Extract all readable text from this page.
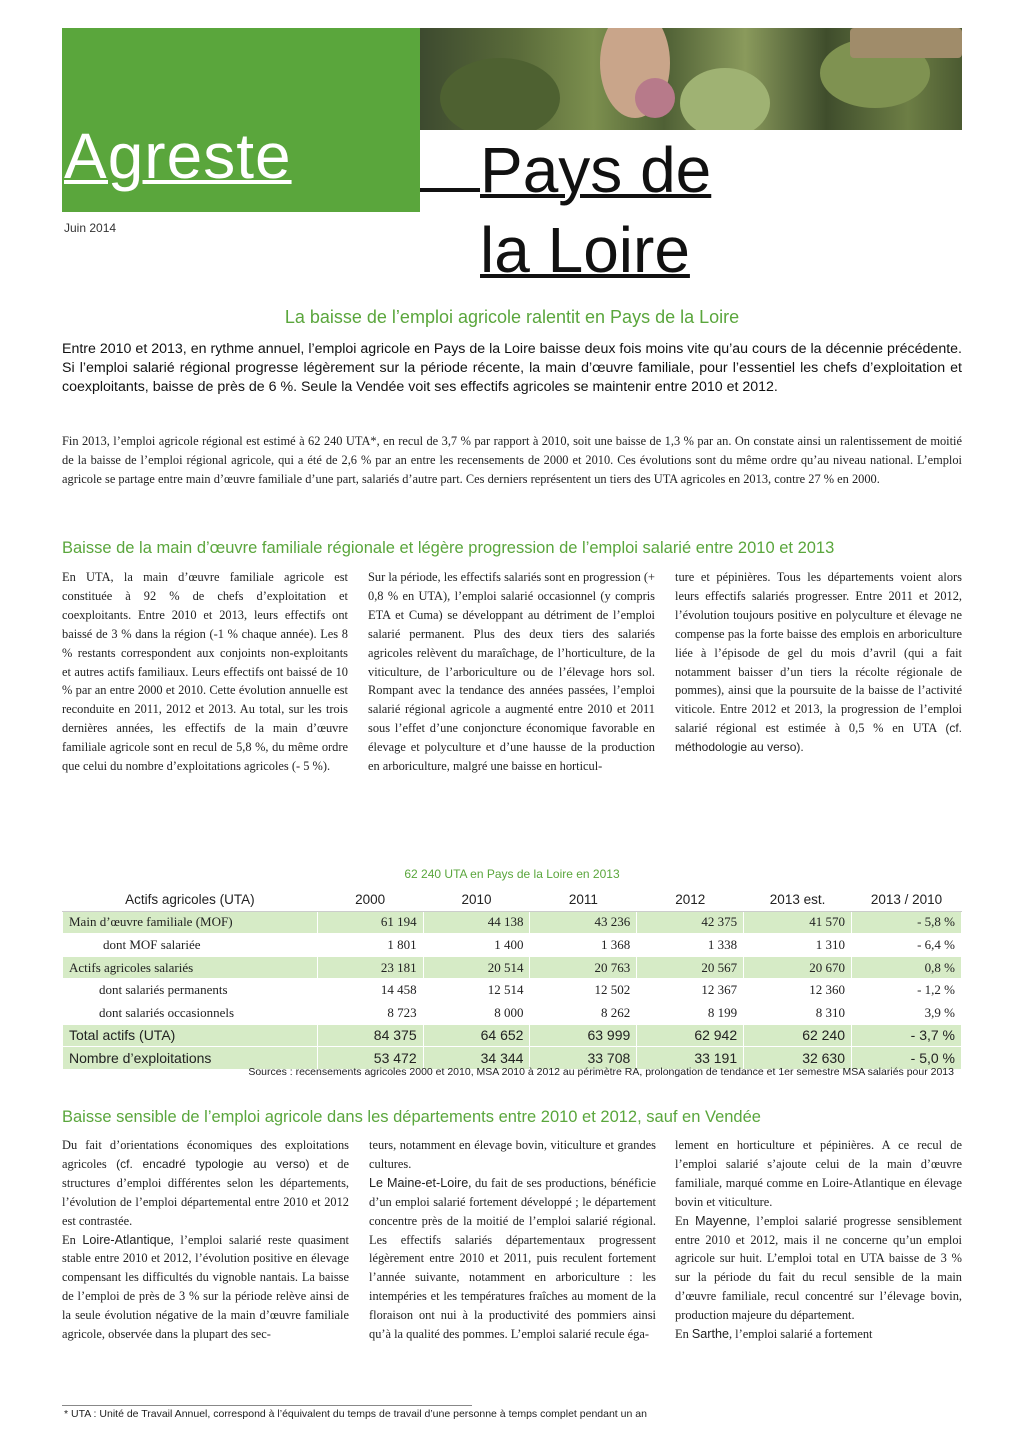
Agreste	Pays de
la Loire
Juin 2014
La baisse de l’emploi agricole ralentit en Pays de la Loire
Entre 2010 et 2013, en rythme annuel, l’emploi agricole en Pays de la Loire baisse deux fois moins vite qu’au cours de la décennie précédente. Si l’emploi salarié régional progresse légèrement sur la période récente, la main d’œuvre familiale, pour l’essentiel les chefs d’exploitation et coexploitants, baisse de près de 6 %. Seule la Vendée voit ses effectifs agricoles se maintenir entre 2010 et 2012.
Fin 2013, l’emploi agricole régional est estimé à 62 240 UTA*, en recul de 3,7 % par rapport à 2010, soit une baisse de 1,3 % par an. On constate ainsi un ralentissement de moitié de la baisse de l’emploi régional agricole, qui a été de 2,6 % par an entre les recensements de 2000 et 2010. Ces évolutions sont du même ordre qu’au niveau national. L’emploi agricole se partage entre main d’œuvre familiale d’une part, salariés d’autre part. Ces derniers représentent un tiers des UTA agricoles en 2013, contre 27 % en 2000.
Baisse de la main d’œuvre familiale régionale et légère progression de l’emploi salarié entre 2010 et 2013
En UTA, la main d’œuvre familiale agricole est constituée à 92 % de chefs d’exploitation et coexploitants. Entre 2010 et 2013, leurs effectifs ont baissé de 3 % dans la région (-1 % chaque année). Les 8 % restants correspondent aux conjoints non-exploitants et autres actifs familiaux. Leurs effectifs ont baissé de 10 % par an entre 2000 et 2010. Cette évolution annuelle est reconduite en 2011, 2012 et 2013. Au total, sur les trois dernières années, les effectifs de la main d’œuvre familiale agricole sont en recul de 5,8 %, du même ordre que celui du nombre d’exploitations agricoles (- 5 %).
Sur la période, les effectifs salariés sont en progression (+ 0,8 % en UTA), l’emploi salarié occasionnel (y compris ETA et Cuma) se développant au détriment de l’emploi salarié permanent. Plus des deux tiers des salariés agricoles relèvent du maraîchage, de l’horticulture, de la viticulture, de l’arboriculture ou de l’élevage hors sol. Rompant avec la tendance des années passées, l’emploi salarié régional agricole a augmenté entre 2010 et 2011 sous l’effet d’une conjoncture économique favorable en élevage et polyculture et d’une hausse de la production en arboriculture, malgré une baisse en horticul-
ture et pépinières. Tous les départements voient alors leurs effectifs salariés progresser. Entre 2011 et 2012, l’évolution toujours positive en polyculture et élevage ne compense pas la forte baisse des emplois en arboriculture liée à l’épisode de gel du mois d’avril (qui a fait notamment baisser d’un tiers la récolte régionale de pommes), ainsi que la poursuite de la baisse de l’activité viticole. Entre 2012 et 2013, la progression de l’emploi salarié régional est estimée à 0,5 % en UTA (cf. méthodologie au verso).
62 240 UTA en Pays de la Loire en 2013
Actifs agricoles (UTA)	2000	2010	2011	2012	2013 est.	2013 / 2010
Main d’œuvre familiale (MOF)	61 194	44 138	43 236	42 375	41 570	- 5,8 %
dont MOF salariée	1 801	1 400	1 368	1 338	1 310	- 6,4 %
Actifs agricoles salariés	23 181	20 514	20 763	20 567	20 670	0,8 %
dont salariés permanents	14 458	12 514	12 502	12 367	12 360	- 1,2 %
dont salariés occasionnels	8 723	8 000	8 262	8 199	8 310	3,9 %
Total actifs (UTA)	84 375	64 652	63 999	62 942	62 240	- 3,7 %
Nombre d’exploitations	53 472	34 344	33 708	33 191	32 630	- 5,0 %
Sources : recensements agricoles 2000 et 2010, MSA 2010 à 2012 au périmètre RA, prolongation de tendance et 1er semestre MSA salariés pour 2013
Baisse sensible de l’emploi agricole dans les départements entre 2010 et 2012, sauf en Vendée

Du fait d’orientations économiques des exploitations agricoles (cf. encadré typologie au verso) et de structures d’emploi différentes selon les départements, l’évolution de l’emploi départemental entre 2010 et 2012 est contrastée.

En Loire-Atlantique, l’emploi salarié reste quasiment stable entre 2010 et 2012, l’évolution positive en élevage compensant les difficultés du vignoble nantais. La baisse de l’emploi de près de 3 % sur la période relève ainsi de la seule évolution négative de la main d’œuvre familiale agricole, observée dans la plupart des sec-

teurs, notamment en élevage bovin, viticulture et grandes cultures.

Le Maine-et-Loire, du fait de ses productions, bénéficie d’un emploi salarié fortement développé ; le département concentre près de la moitié de l’emploi salarié régional. Les effectifs salariés départementaux progressent légèrement entre 2010 et 2011, puis reculent fortement l’année suivante, notamment en arboriculture : les intempéries et les températures fraîches au moment de la floraison ont nui à la productivité des pommiers ainsi qu’à la qualité des pommes. L’emploi salarié recule éga-

lement en horticulture et pépinières. A ce recul de l’emploi salarié s’ajoute celui de la main d’œuvre familiale, marqué comme en Loire-Atlantique en élevage bovin et viticulture.

En Mayenne, l’emploi salarié progresse sensiblement entre 2010 et 2012, mais il ne concerne qu’un emploi agricole sur huit. L’emploi total en UTA baisse de 3 % sur la période du fait du recul sensible de la main d’œuvre familiale, recul concentré sur l’élevage bovin, production majeure du département.

En Sarthe, l’emploi salarié a fortement

* UTA : Unité de Travail Annuel, correspond à l’équivalent du temps de travail d’une personne à temps complet pendant un an
